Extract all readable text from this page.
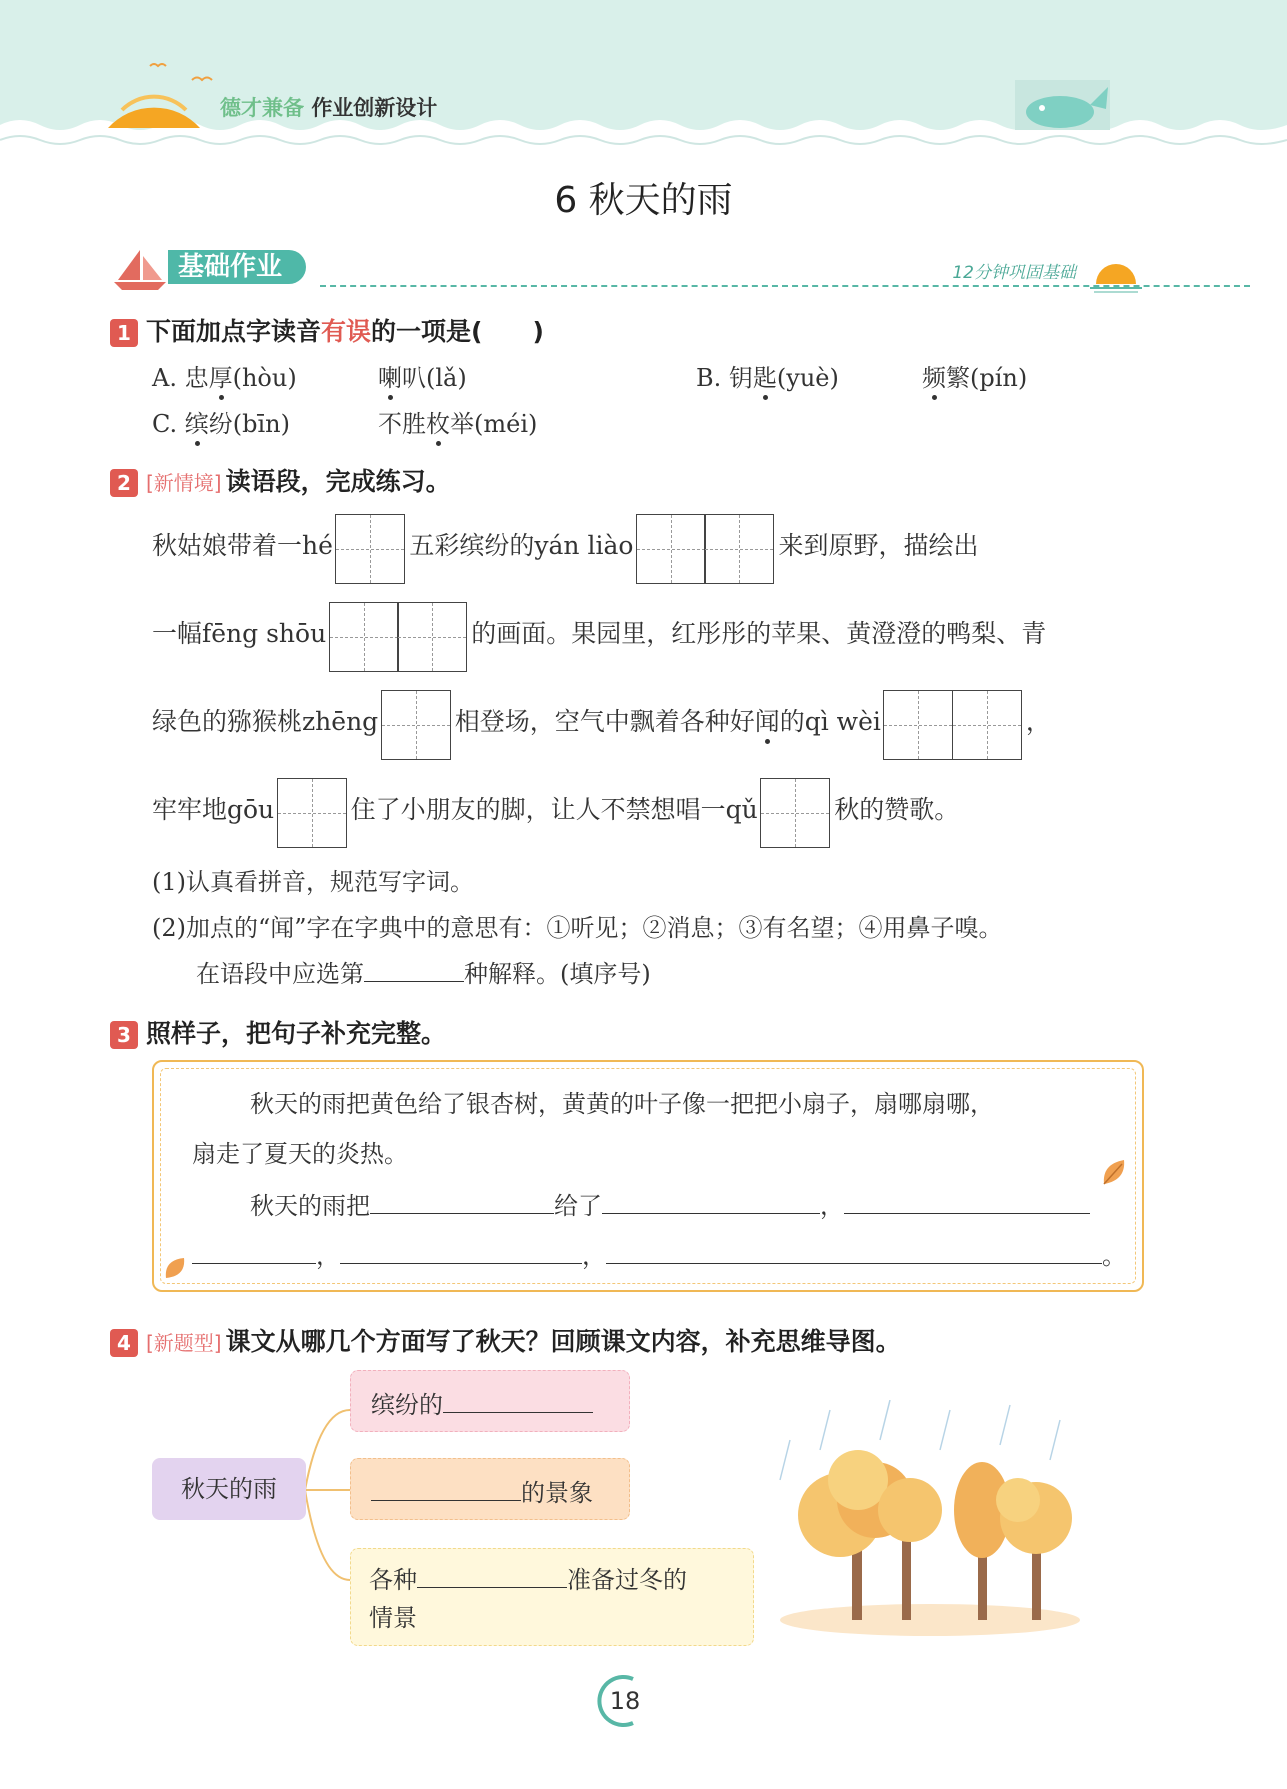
德才兼备 作业创新设计
6 秋天的雨
基础作业	12分钟巩固基础
1 下面加点字读音有误的一项是(　　)
A. 忠厚(hòu)	喇叭(lǎ)	B. 钥匙(yuè)	频繁(pín)
C. 缤纷(bīn)	不胜枚举(méi)
2 [新情境] 读语段，完成练习。
秋姑娘带着一hé	五彩缤纷的yán liào	来到原野，描绘出
一幅fēng shōu	的画面。果园里，红彤彤的苹果、黄澄澄的鸭梨、青
绿色的猕猴桃zhēng	相登场，空气中飘着各种好闻的qì wèi	，
牢牢地gōu	住了小朋友的脚，让人不禁想唱一qǔ	秋的赞歌。
(1)认真看拼音，规范写字词。
(2)加点的“闻”字在字典中的意思有：①听见；②消息；③有名望；④用鼻子嗅。
在语段中应选第	种解释。(填序号)
3 照样子，把句子补充完整。
秋天的雨把黄色给了银杏树，黄黄的叶子像一把把小扇子，扇哪扇哪，
扇走了夏天的炎热。
秋天的雨把	给了	，
，	，	。
4 [新题型] 课文从哪几个方面写了秋天？回顾课文内容，补充思维导图。
秋天的雨
缤纷的
的景象
各种	准备过冬的
情景
18
